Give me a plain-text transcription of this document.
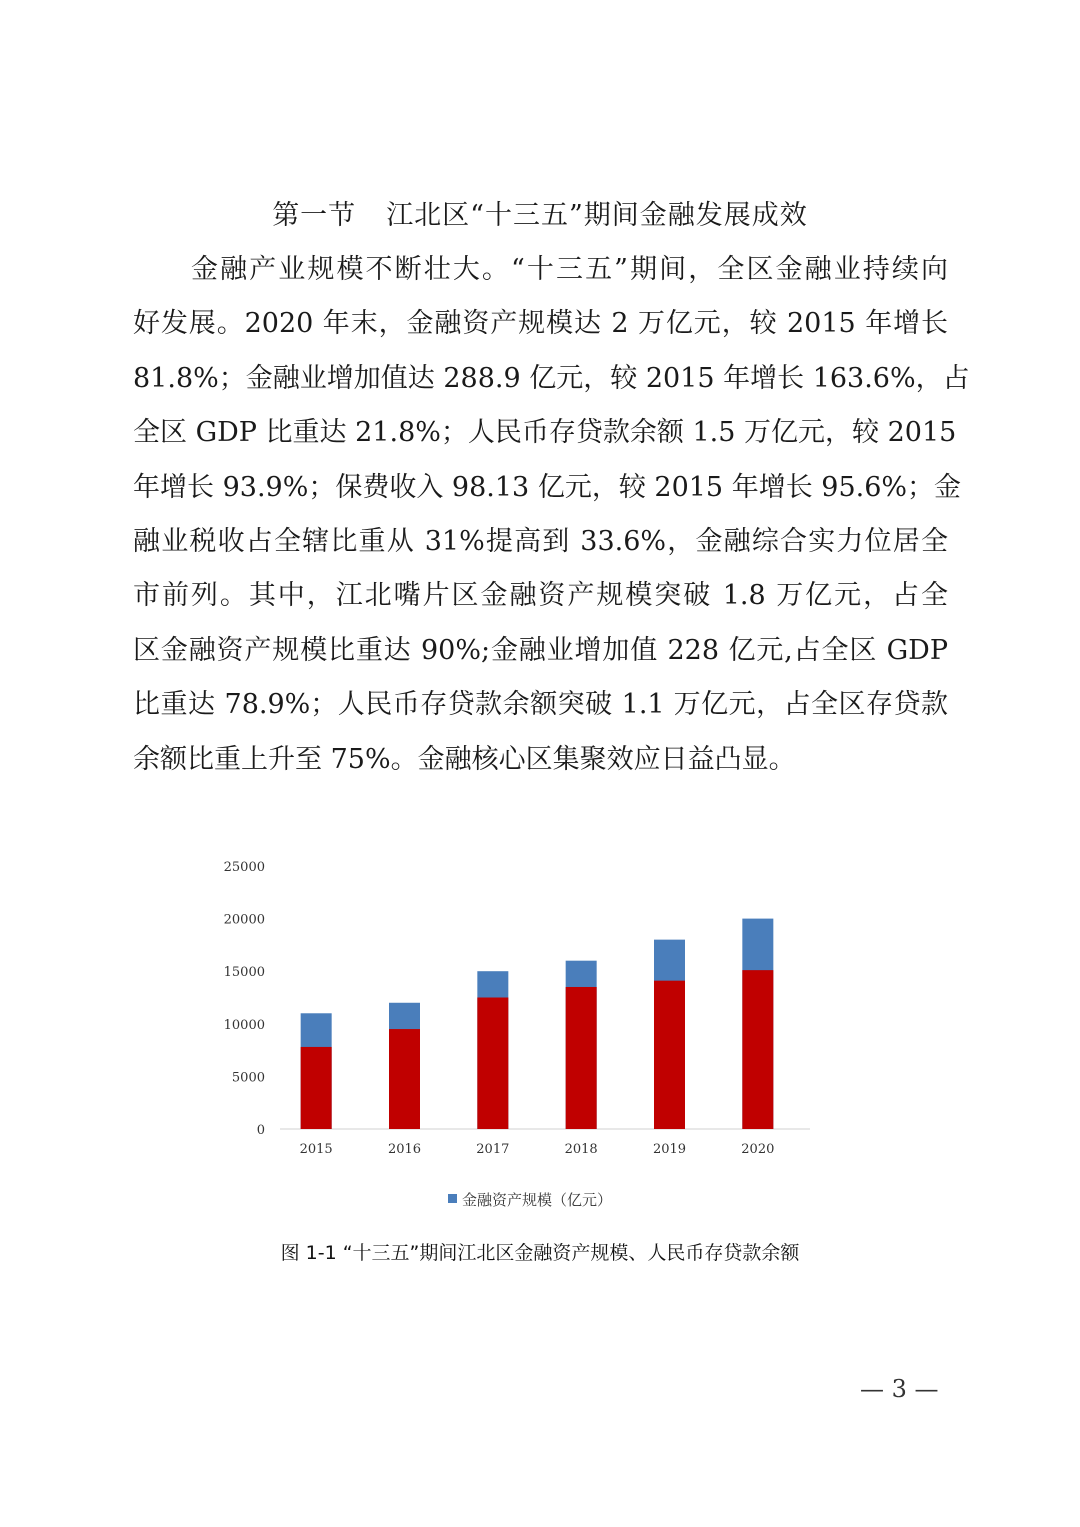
第一节 江北区“十三五”期间金融发展成效
金融产业规模不断壮大。“十三五”期间，全区金融业持续向
好发展。2020 年末，金融资产规模达 2 万亿元，较 2015 年增长
81.8%；金融业增加值达 288.9 亿元，较 2015 年增长 163.6%，占
全区 GDP 比重达 21.8%；人民币存贷款余额 1.5 万亿元，较 2015
年增长 93.9%；保费收入 98.13 亿元，较 2015 年增长 95.6%；金
融业税收占全辖比重从 31%提高到 33.6%，金融综合实力位居全
市前列。其中，江北嘴片区金融资产规模突破 1.8 万亿元，占全
区金融资产规模比重达 90%;金融业增加值 228 亿元,占全区 GDP
比重达 78.9%；人民币存贷款余额突破 1.1 万亿元，占全区存贷款
余额比重上升至 75%。金融核心区集聚效应日益凸显。
0
5000
10000
15000
20000
25000
2015	2016	2017	2018	2019	2020
金融资产规模（亿元）
图 1-1 “十三五”期间江北区金融资产规模、人民币存贷款余额
— 3 —
